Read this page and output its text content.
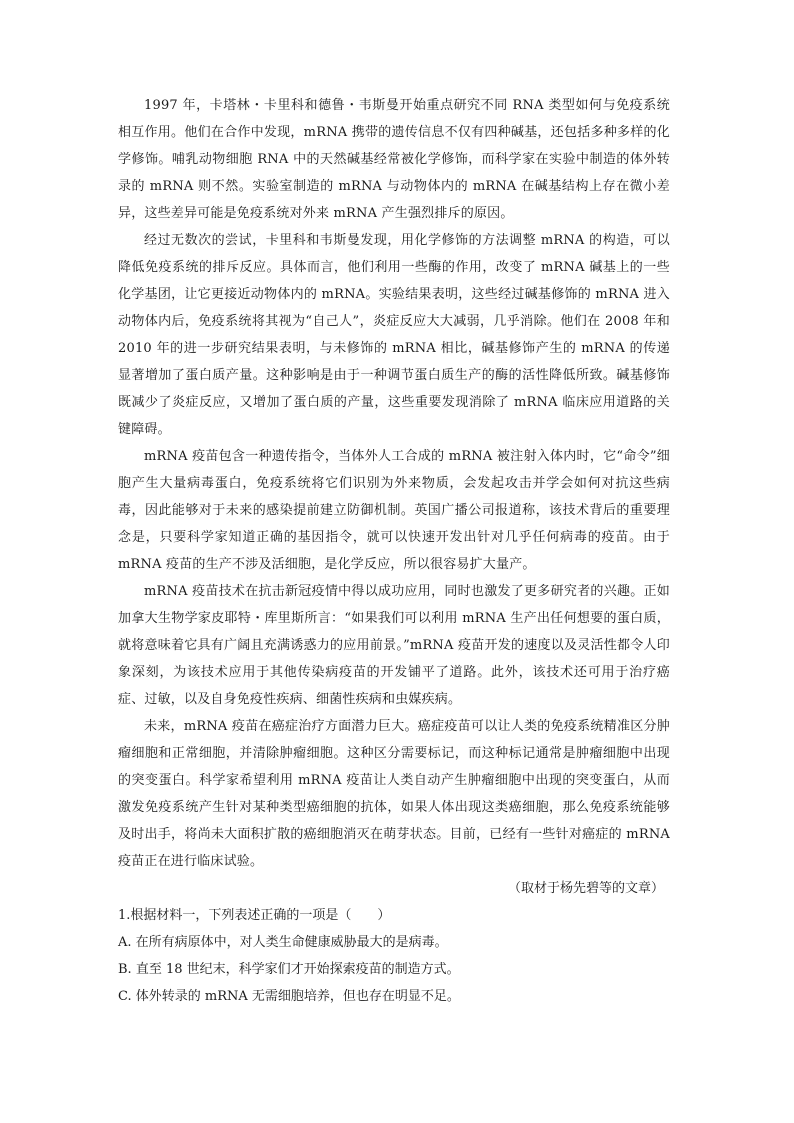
1997 年，卡塔林・卡里科和德鲁・韦斯曼开始重点研究不同 RNA 类型如何与免疫系统相互作用。他们在合作中发现，mRNA 携带的遗传信息不仅有四种碱基，还包括多种多样的化学修饰。哺乳动物细胞 RNA 中的天然碱基经常被化学修饰，而科学家在实验中制造的体外转录的 mRNA 则不然。实验室制造的 mRNA 与动物体内的 mRNA 在碱基结构上存在微小差异，这些差异可能是免疫系统对外来 mRNA 产生强烈排斥的原因。

经过无数次的尝试，卡里科和韦斯曼发现，用化学修饰的方法调整 mRNA 的构造，可以降低免疫系统的排斥反应。具体而言，他们利用一些酶的作用，改变了 mRNA 碱基上的一些化学基团，让它更接近动物体内的 mRNA。实验结果表明，这些经过碱基修饰的 mRNA 进入动物体内后，免疫系统将其视为“自己人”，炎症反应大大减弱，几乎消除。他们在 2008 年和 2010 年的进一步研究结果表明，与未修饰的 mRNA 相比，碱基修饰产生的 mRNA 的传递显著增加了蛋白质产量。这种影响是由于一种调节蛋白质生产的酶的活性降低所致。碱基修饰既减少了炎症反应，又增加了蛋白质的产量，这些重要发现消除了 mRNA 临床应用道路的关键障碍。

mRNA 疫苗包含一种遗传指令，当体外人工合成的 mRNA 被注射入体内时，它“命令”细胞产生大量病毒蛋白，免疫系统将它们识别为外来物质，会发起攻击并学会如何对抗这些病毒，因此能够对于未来的感染提前建立防御机制。英国广播公司报道称，该技术背后的重要理念是，只要科学家知道正确的基因指令，就可以快速开发出针对几乎任何病毒的疫苗。由于 mRNA 疫苗的生产不涉及活细胞，是化学反应，所以很容易扩大量产。

mRNA 疫苗技术在抗击新冠疫情中得以成功应用，同时也激发了更多研究者的兴趣。正如加拿大生物学家皮耶特・库里斯所言：“如果我们可以利用 mRNA 生产出任何想要的蛋白质，就将意味着它具有广阔且充满诱惑力的应用前景。”mRNA 疫苗开发的速度以及灵活性都令人印象深刻，为该技术应用于其他传染病疫苗的开发铺平了道路。此外，该技术还可用于治疗癌症、过敏，以及自身免疫性疾病、细菌性疾病和虫媒疾病。

未来，mRNA 疫苗在癌症治疗方面潜力巨大。癌症疫苗可以让人类的免疫系统精准区分肿瘤细胞和正常细胞，并清除肿瘤细胞。这种区分需要标记，而这种标记通常是肿瘤细胞中出现的突变蛋白。科学家希望利用 mRNA 疫苗让人类自动产生肿瘤细胞中出现的突变蛋白，从而激发免疫系统产生针对某种类型癌细胞的抗体，如果人体出现这类癌细胞，那么免疫系统能够及时出手，将尚未大面积扩散的癌细胞消灭在萌芽状态。目前，已经有一些针对癌症的 mRNA 疫苗正在进行临床试验。

（取材于杨先碧等的文章）

1.根据材料一，下列表述正确的一项是（　　）

A. 在所有病原体中，对人类生命健康威胁最大的是病毒。

B. 直至 18 世纪末，科学家们才开始探索疫苗的制造方式。

C. 体外转录的 mRNA 无需细胞培养，但也存在明显不足。
